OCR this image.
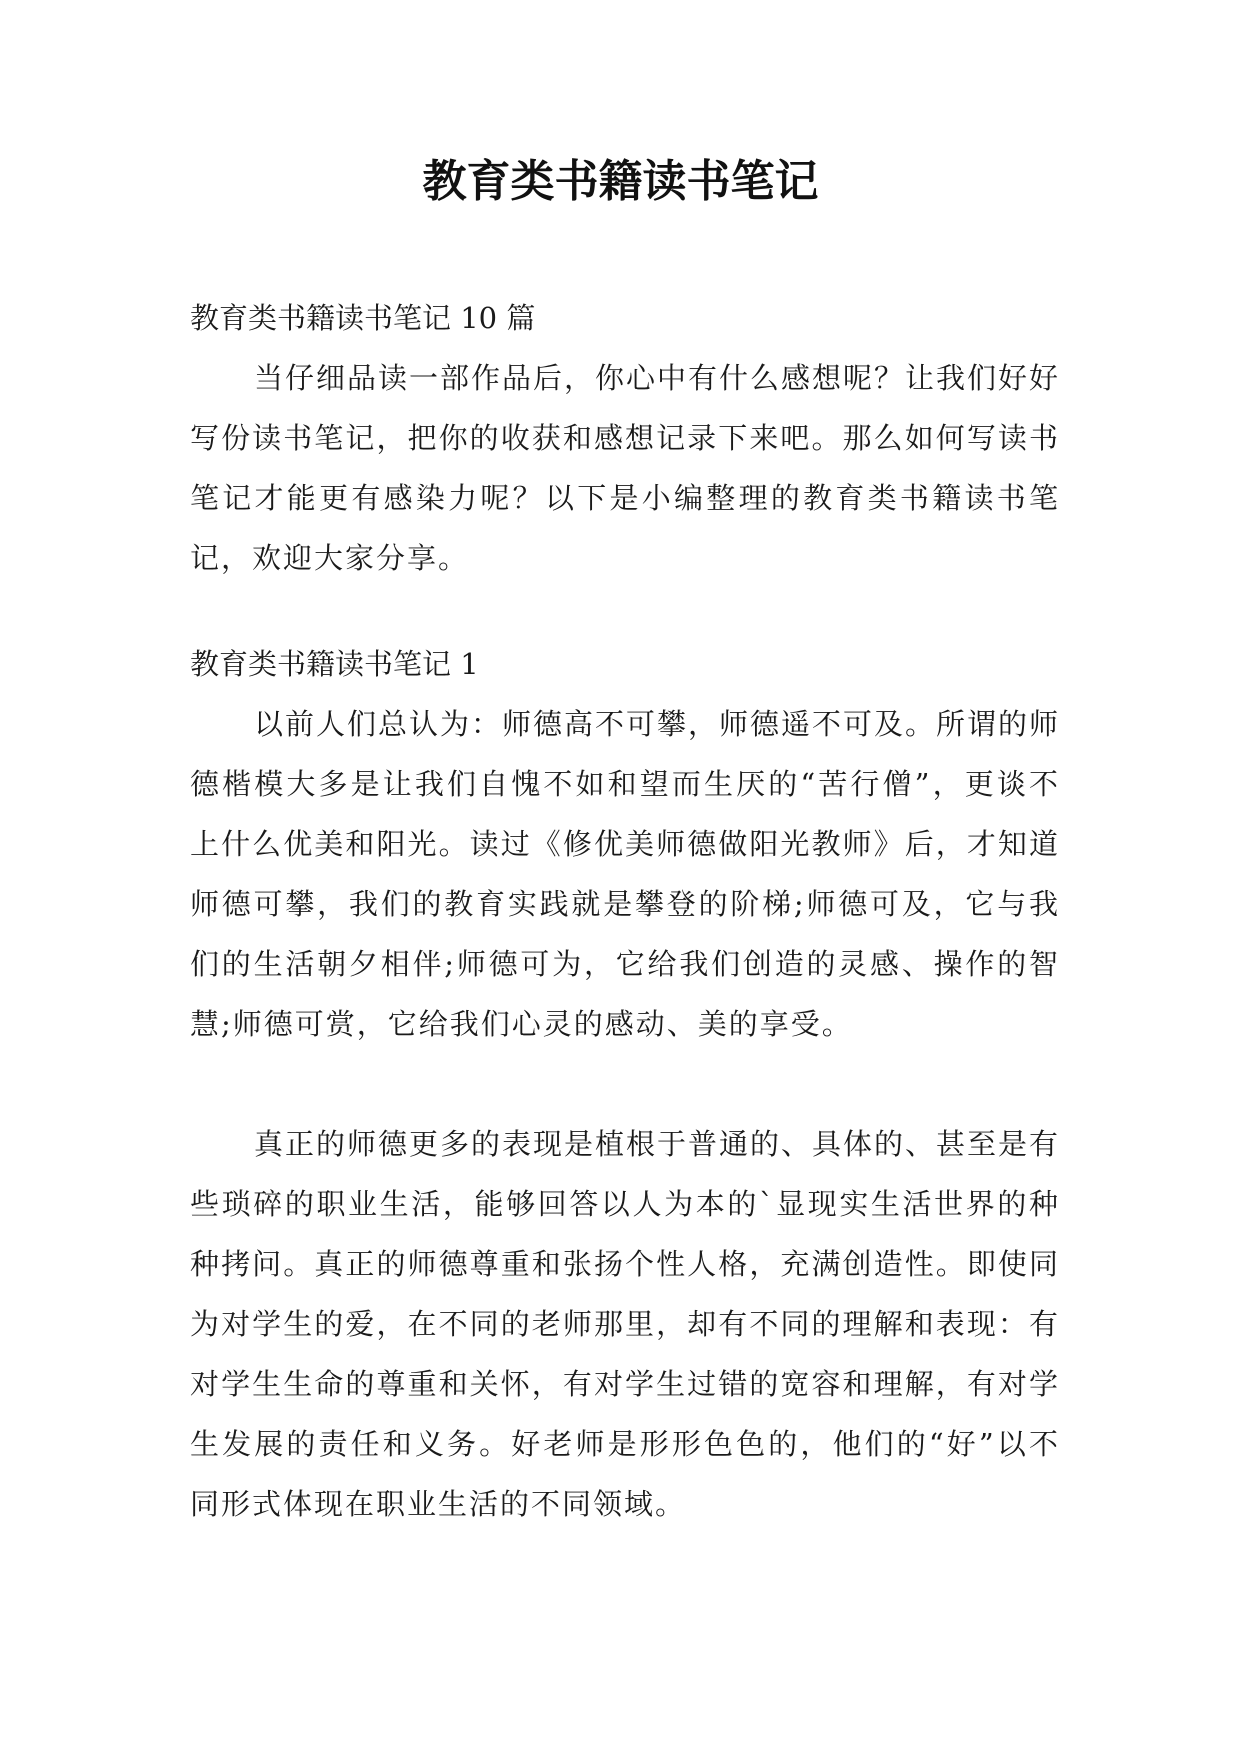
教育类书籍读书笔记

教育类书籍读书笔记 10 篇

当仔细品读一部作品后，你心中有什么感想呢？让我们好好写份读书笔记，把你的收获和感想记录下来吧。那么如何写读书笔记才能更有感染力呢？以下是小编整理的教育类书籍读书笔记，欢迎大家分享。

教育类书籍读书笔记 1

以前人们总认为：师德高不可攀，师德遥不可及。所谓的师德楷模大多是让我们自愧不如和望而生厌的“苦行僧”，更谈不上什么优美和阳光。读过《修优美师德做阳光教师》后，才知道师德可攀，我们的教育实践就是攀登的阶梯;师德可及，它与我们的生活朝夕相伴;师德可为，它给我们创造的灵感、操作的智慧;师德可赏，它给我们心灵的感动、美的享受。

真正的师德更多的表现是植根于普通的、具体的、甚至是有些琐碎的职业生活，能够回答以人为本的`显现实生活世界的种种拷问。真正的师德尊重和张扬个性人格，充满创造性。即使同为对学生的爱，在不同的老师那里，却有不同的理解和表现：有对学生生命的尊重和关怀，有对学生过错的宽容和理解，有对学生发展的责任和义务。好老师是形形色色的，他们的“好”以不同形式体现在职业生活的不同领域。
